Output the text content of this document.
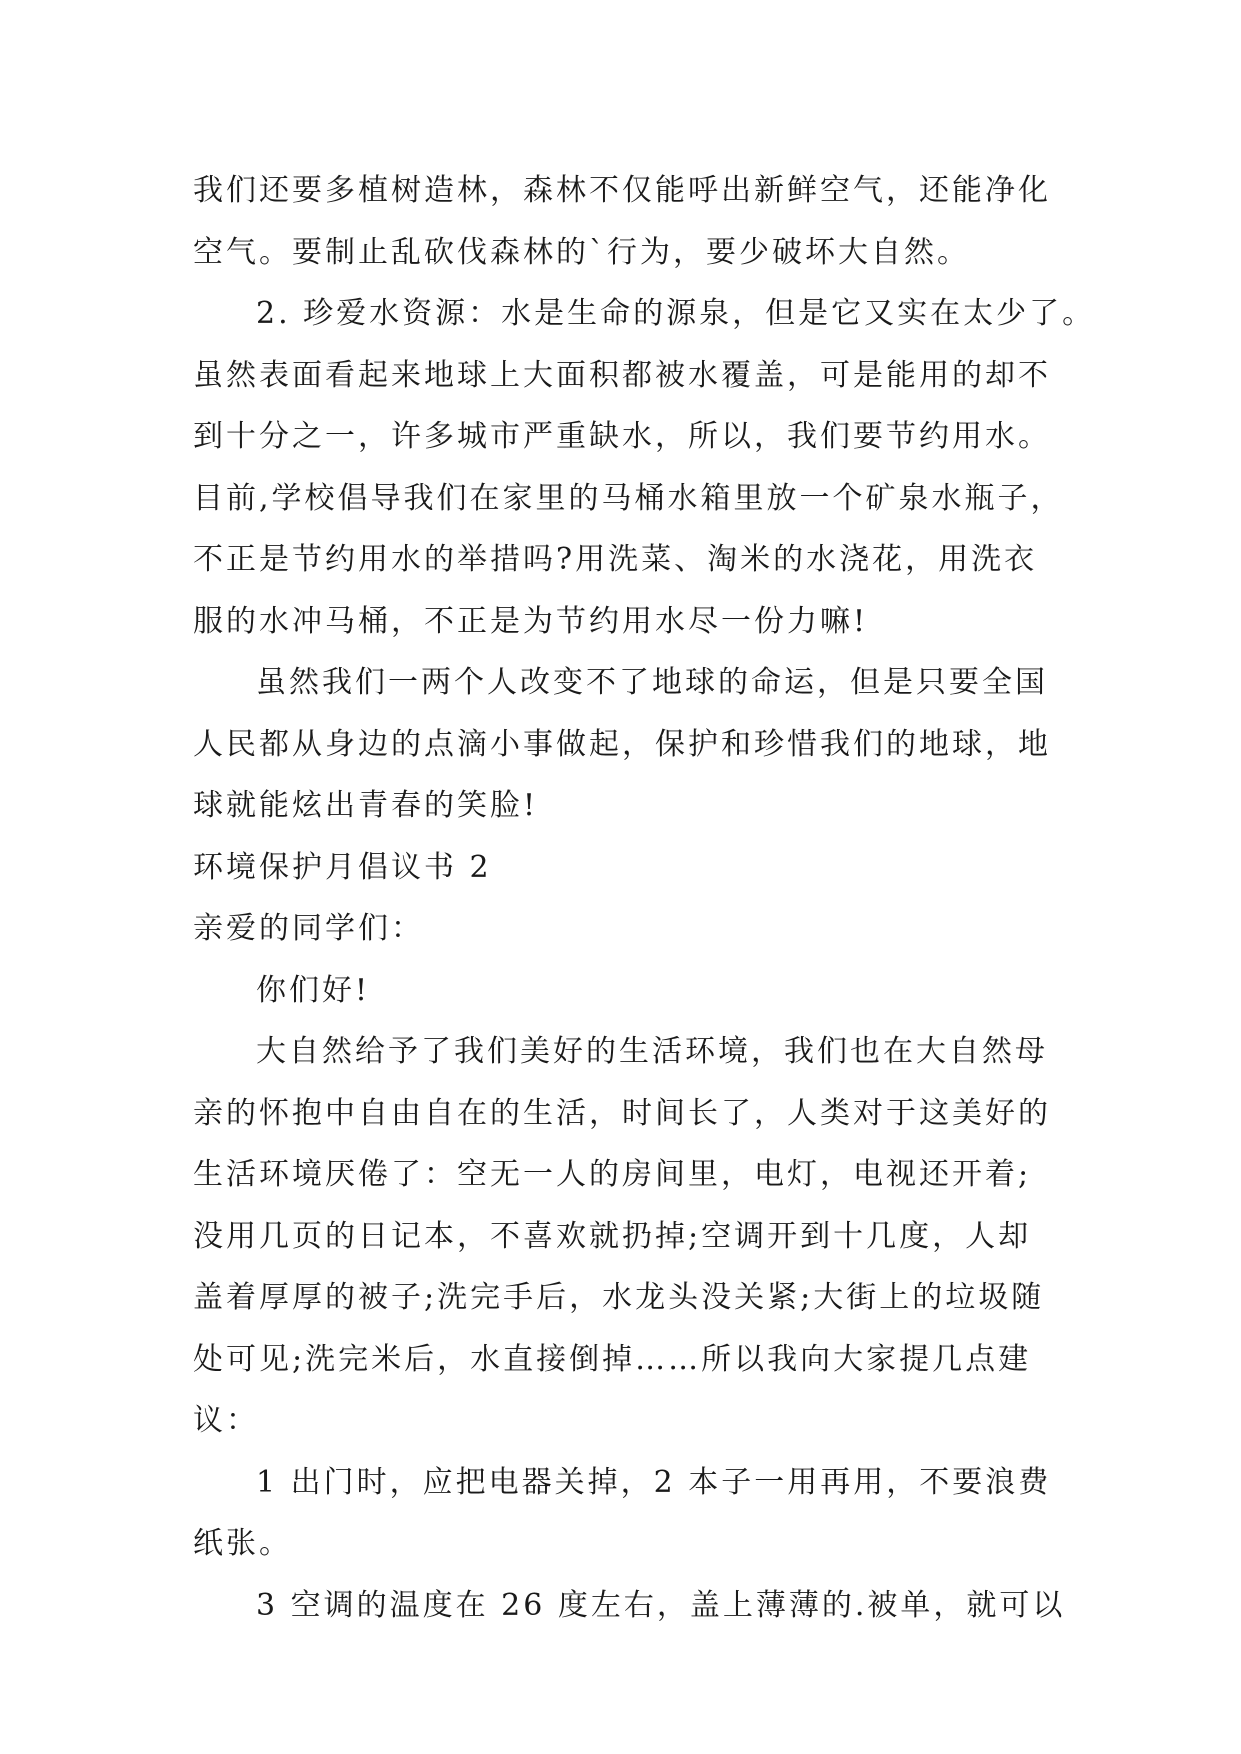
我们还要多植树造林，森林不仅能呼出新鲜空气，还能净化
空气。要制止乱砍伐森林的`行为，要少破坏大自然。
2. 珍爱水资源：水是生命的源泉，但是它又实在太少了。
虽然表面看起来地球上大面积都被水覆盖，可是能用的却不
到十分之一，许多城市严重缺水，所以，我们要节约用水。
目前,学校倡导我们在家里的马桶水箱里放一个矿泉水瓶子，
不正是节约用水的举措吗?用洗菜、淘米的水浇花，用洗衣
服的水冲马桶，不正是为节约用水尽一份力嘛!
虽然我们一两个人改变不了地球的命运，但是只要全国
人民都从身边的点滴小事做起，保护和珍惜我们的地球，地
球就能炫出青春的笑脸!
环境保护月倡议书 2
亲爱的同学们：
你们好!
大自然给予了我们美好的生活环境，我们也在大自然母
亲的怀抱中自由自在的生活，时间长了，人类对于这美好的
生活环境厌倦了：空无一人的房间里，电灯，电视还开着;
没用几页的日记本，不喜欢就扔掉;空调开到十几度，人却
盖着厚厚的被子;洗完手后，水龙头没关紧;大街上的垃圾随
处可见;洗完米后，水直接倒掉……所以我向大家提几点建
议：
1 出门时，应把电器关掉，2 本子一用再用，不要浪费
纸张。
3 空调的温度在 26 度左右，盖上薄薄的.被单，就可以
